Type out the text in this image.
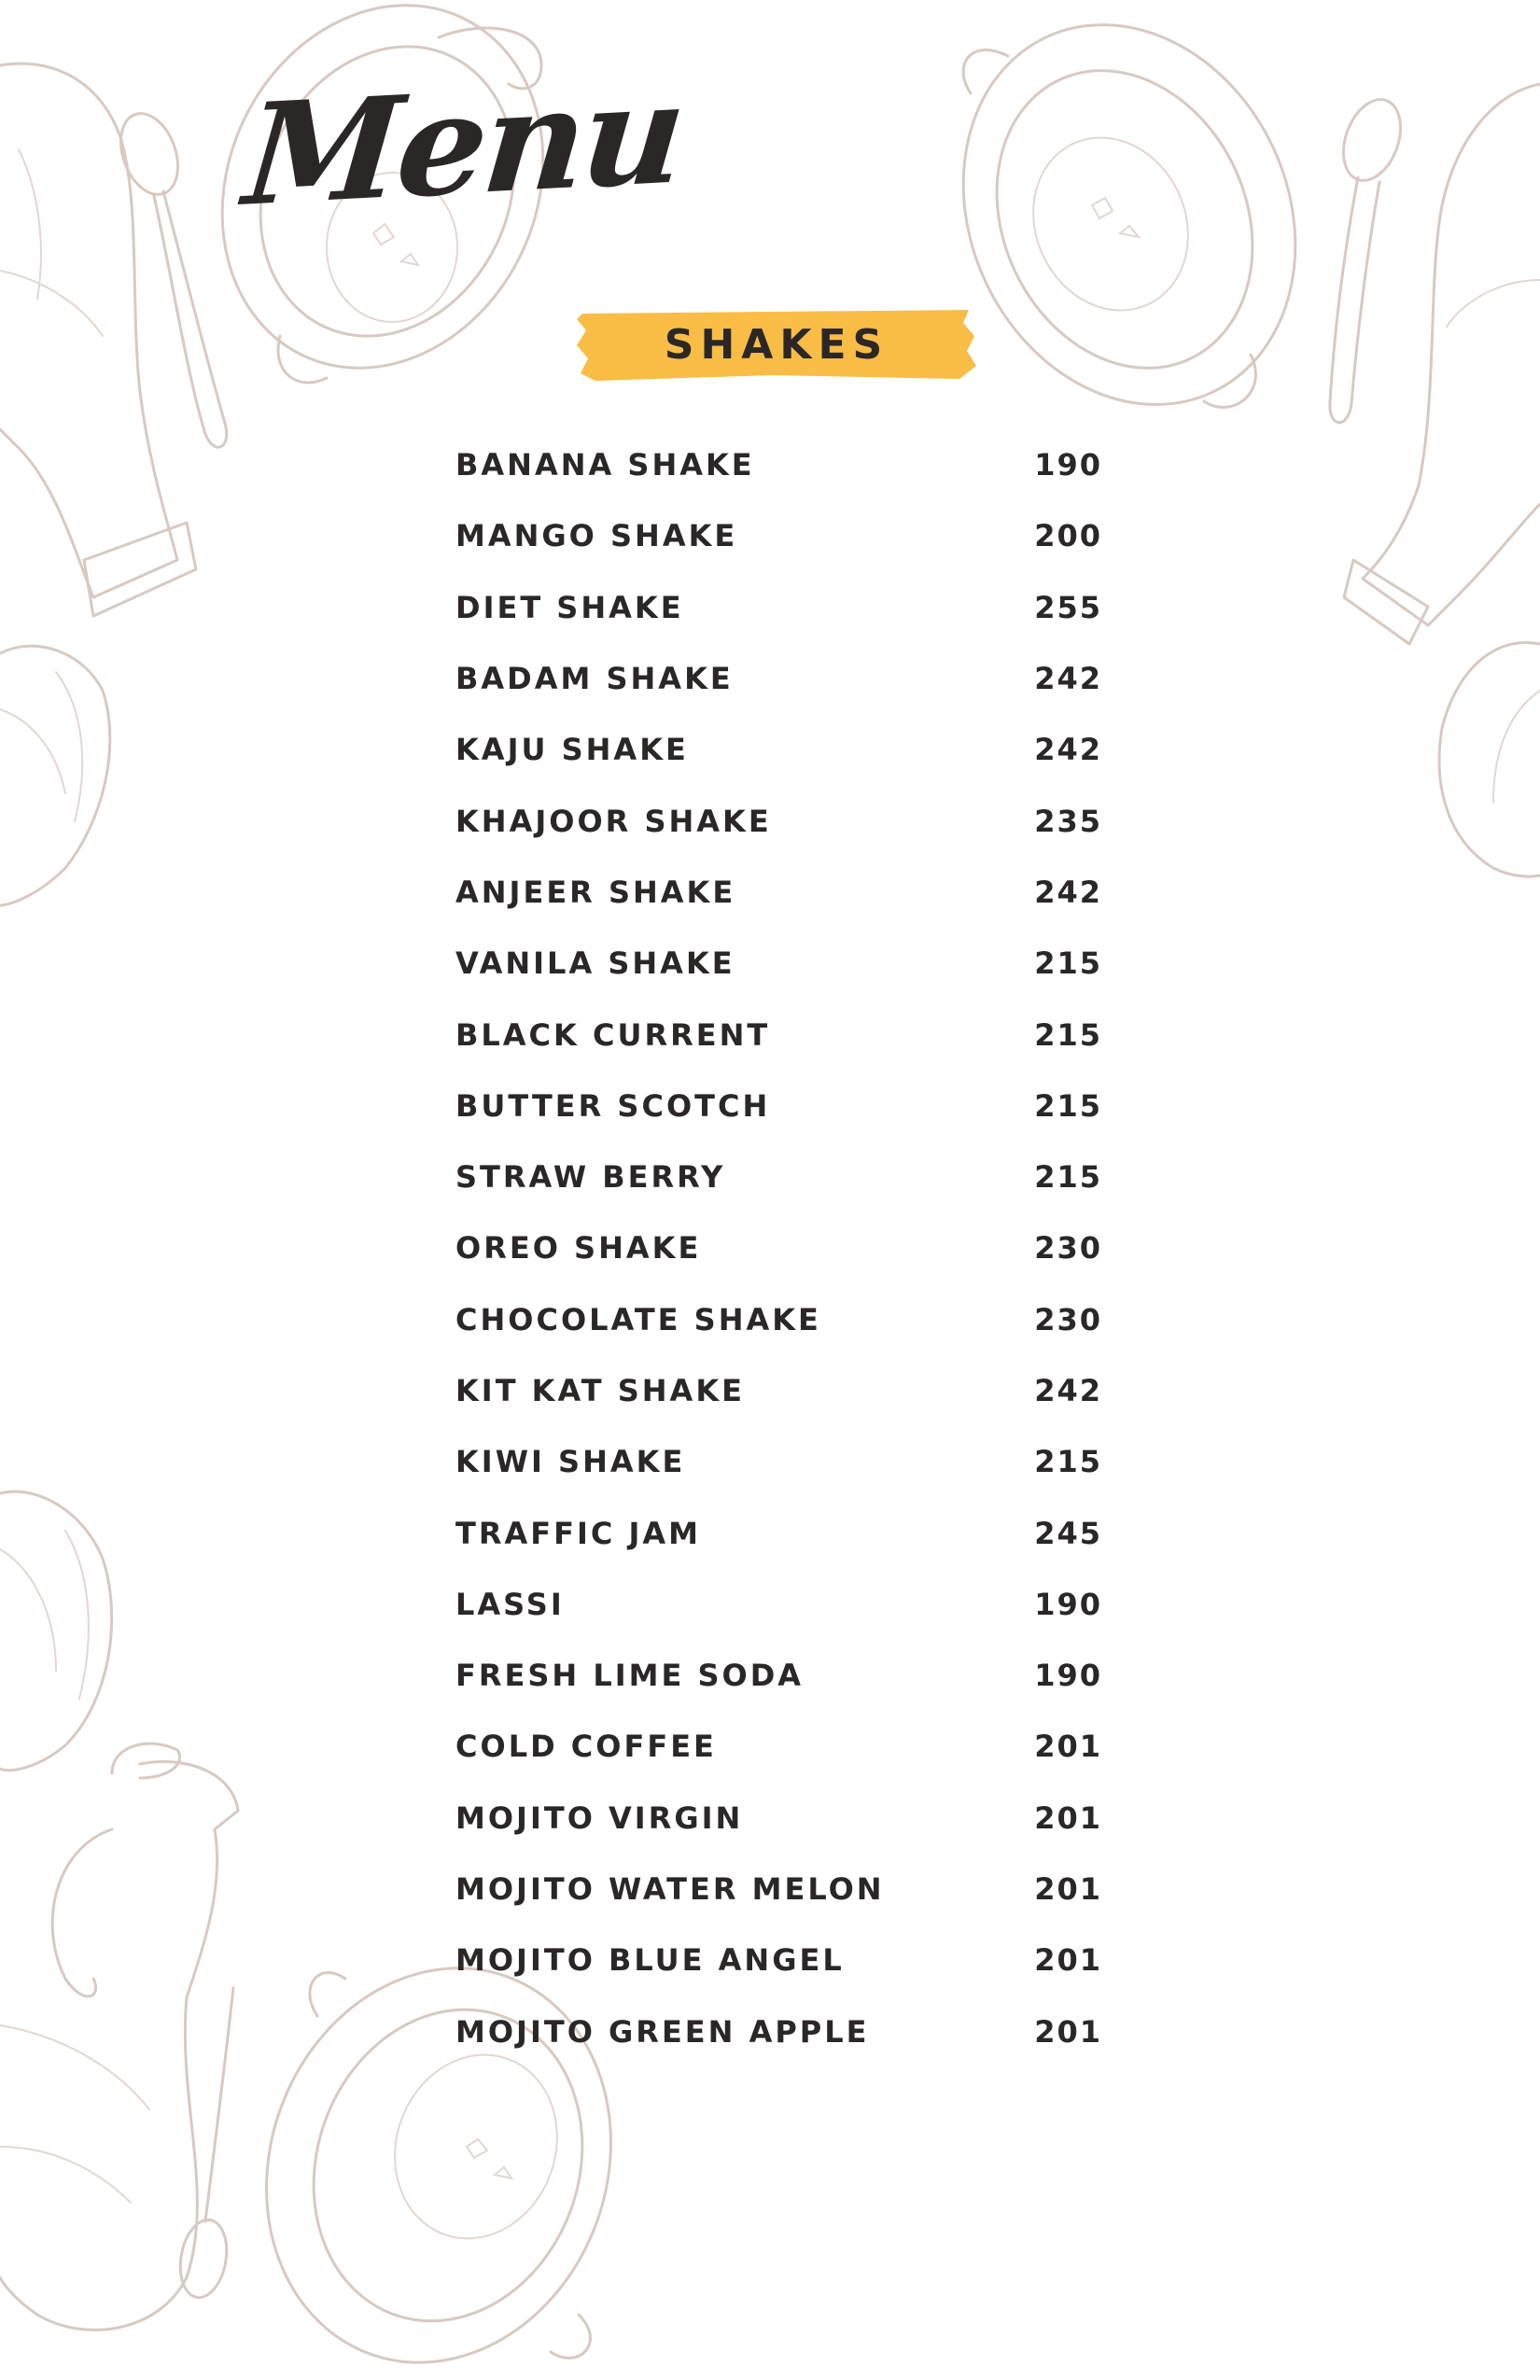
Menu
SHAKES
BANANA SHAKE	190
MANGO SHAKE	200
DIET SHAKE	255
BADAM SHAKE	242
KAJU SHAKE	242
KHAJOOR SHAKE	235
ANJEER SHAKE	242
VANILA SHAKE	215
BLACK CURRENT	215
BUTTER SCOTCH	215
STRAW BERRY	215
OREO SHAKE	230
CHOCOLATE SHAKE	230
KIT KAT SHAKE	242
KIWI SHAKE	215
TRAFFIC JAM	245
LASSI	190
FRESH LIME SODA	190
COLD COFFEE	201
MOJITO VIRGIN	201
MOJITO WATER MELON	201
MOJITO BLUE ANGEL	201
MOJITO GREEN APPLE	201
